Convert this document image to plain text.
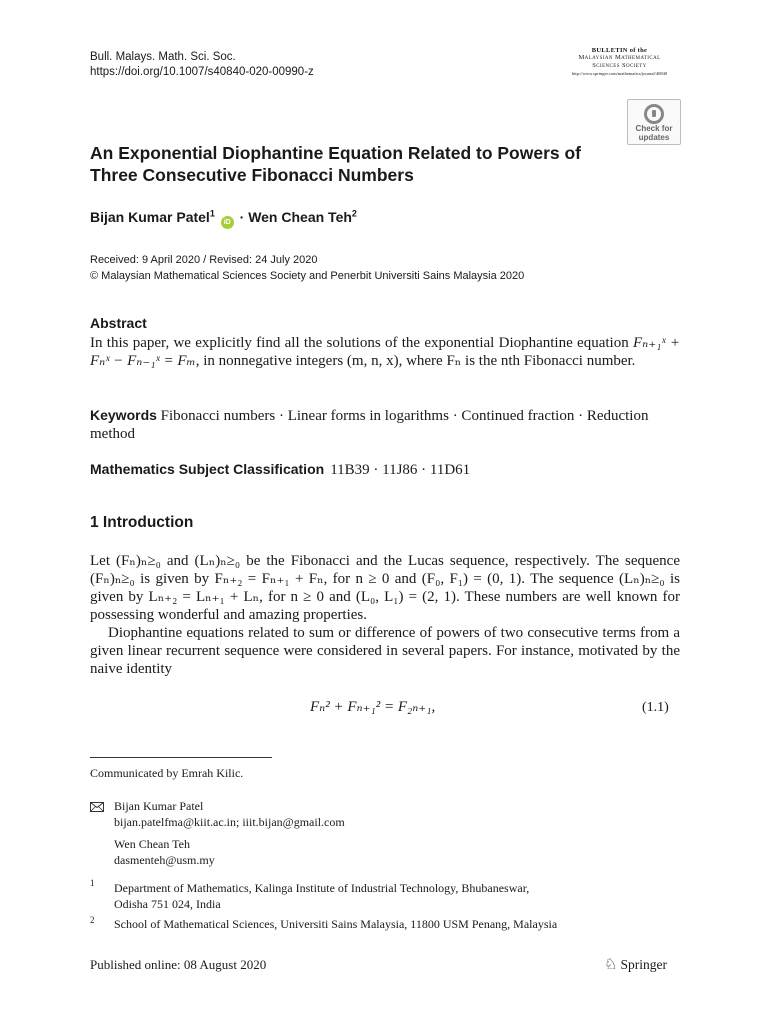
Bull. Malays. Math. Sci. Soc.
https://doi.org/10.1007/s40840-020-00990-z
BULLETIN of the
Malaysian Mathematical
Sciences Society
http://www.springer.com/mathematics/journal/40840
Check for
updates
An Exponential Diophantine Equation Related to Powers of
Three Consecutive Fibonacci Numbers
Bijan Kumar Patel$^1$ iD · Wen Chean Teh$^2$
Received: 9 April 2020 / Revised: 24 July 2020
© Malaysian Mathematical Sciences Society and Penerbit Universiti Sains Malaysia 2020
Abstract
In this paper, we explicitly find all the solutions of the exponential Diophantine equation Fₙ₊₁ˣ + Fₙˣ − Fₙ₋₁ˣ = Fₘ, in nonnegative integers (m, n, x), where Fₙ is the nth Fibonacci number.
Keywords Fibonacci numbers · Linear forms in logarithms · Continued fraction · Reduction method
Mathematics Subject Classification 11B39 · 11J86 · 11D61
1 Introduction

Let (Fₙ)ₙ≥₀ and (Lₙ)ₙ≥₀ be the Fibonacci and the Lucas sequence, respectively. The sequence (Fₙ)ₙ≥₀ is given by Fₙ₊₂ = Fₙ₊₁ + Fₙ, for n ≥ 0 and (F₀, F₁) = (0, 1). The sequence (Lₙ)ₙ≥₀ is given by Lₙ₊₂ = Lₙ₊₁ + Lₙ, for n ≥ 0 and (L₀, L₁) = (2, 1). These numbers are well known for possessing wonderful and amazing properties.

Diophantine equations related to sum or difference of powers of two consecutive terms from a given linear recurrent sequence were considered in several papers. For instance, motivated by the naive identity

Fₙ² + Fₙ₊₁² = F₂ₙ₊₁,	(1.1)
Communicated by Emrah Kilic.
Bijan Kumar Patel
bijan.patelfma@kiit.ac.in; iiit.bijan@gmail.com
Wen Chean Teh
dasmenteh@usm.my
1 Department of Mathematics, Kalinga Institute of Industrial Technology, Bhubaneswar,
Odisha 751 024, India
2 School of Mathematical Sciences, Universiti Sains Malaysia, 11800 USM Penang, Malaysia
Published online: 08 August 2020	♘ Springer
